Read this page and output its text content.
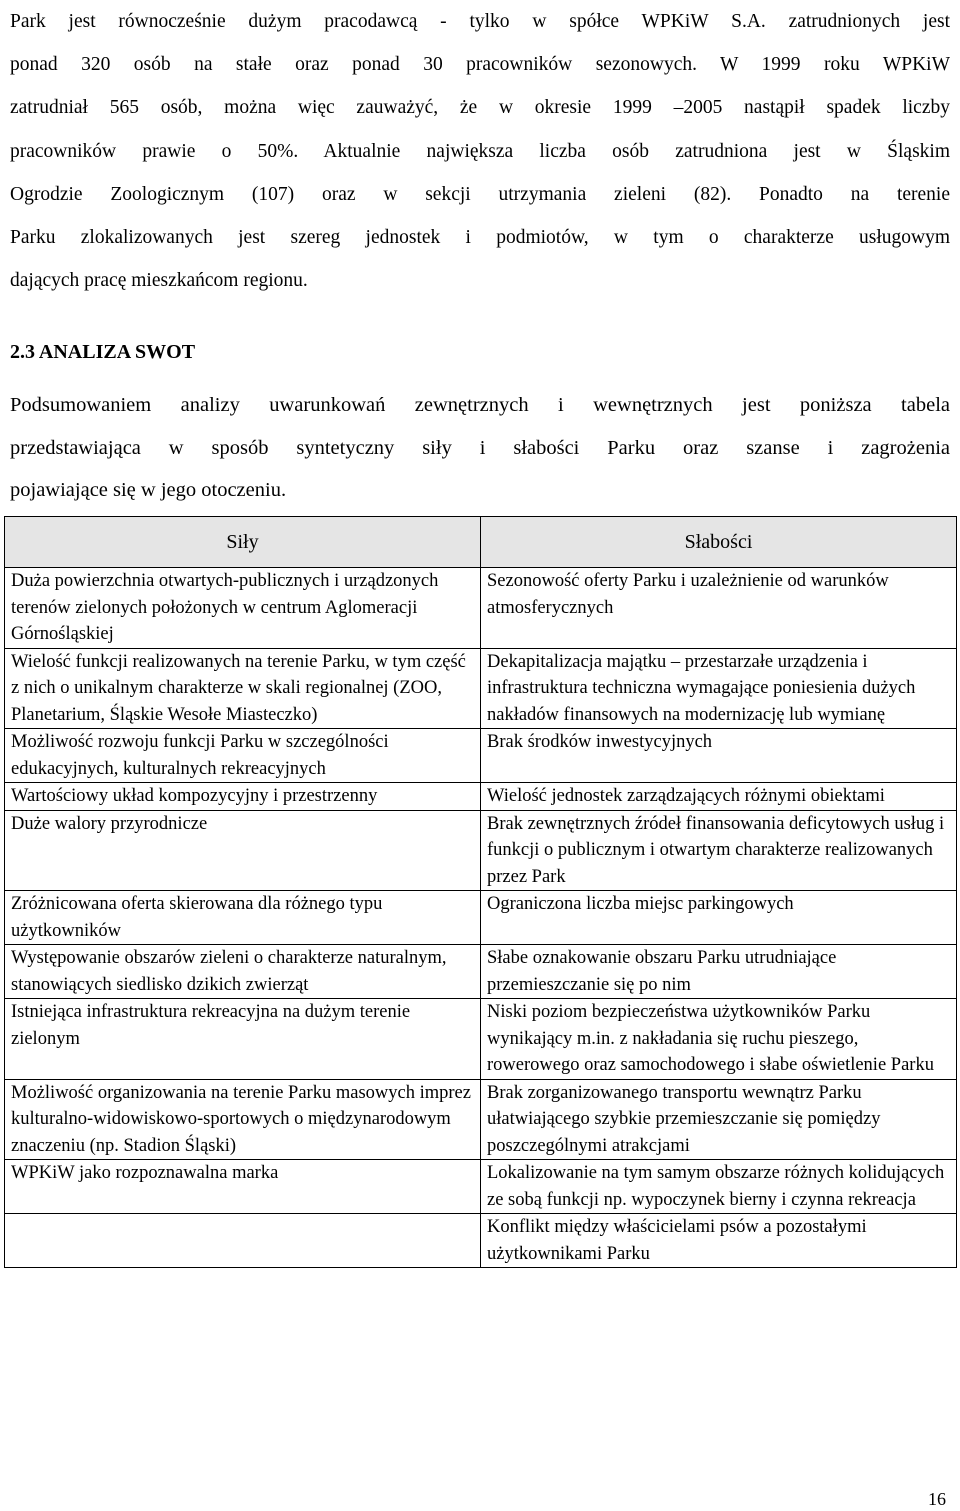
Park jest równocześnie dużym pracodawcą - tylko w spółce WPKiW S.A. zatrudnionych jest
ponad 320 osób na stałe oraz ponad 30 pracowników sezonowych. W 1999 roku WPKiW
zatrudniał 565 osób, można więc zauważyć, że w okresie 1999 –2005 nastąpił spadek liczby
pracowników prawie o 50%. Aktualnie największa liczba osób zatrudniona jest w Śląskim
Ogrodzie Zoologicznym (107) oraz w sekcji utrzymania zieleni (82). Ponadto na terenie
Parku zlokalizowanych jest szereg jednostek i podmiotów, w tym o charakterze usługowym
dających pracę mieszkańcom regionu.
2.3 ANALIZA SWOT
Podsumowaniem analizy uwarunkowań zewnętrznych i wewnętrznych jest poniższa tabela
przedstawiająca w sposób syntetyczny siły i słabości Parku oraz szanse i zagrożenia
pojawiające się w jego otoczeniu.
Siły	Słabości
Duża powierzchnia otwartych-publicznych i urządzonych terenów zielonych położonych w centrum Aglomeracji Górnośląskiej	Sezonowość oferty Parku i uzależnienie od warunków atmosferycznych
Wielość funkcji realizowanych na terenie Parku, w tym część z nich o unikalnym charakterze w skali regionalnej (ZOO, Planetarium, Śląskie Wesołe Miasteczko)	Dekapitalizacja majątku – przestarzałe urządzenia i infrastruktura techniczna wymagające poniesienia dużych nakładów finansowych na modernizację lub wymianę
Możliwość rozwoju funkcji Parku w szczególności edukacyjnych, kulturalnych rekreacyjnych	Brak środków inwestycyjnych
Wartościowy układ kompozycyjny i przestrzenny	Wielość jednostek zarządzających różnymi obiektami
Duże walory przyrodnicze	Brak zewnętrznych źródeł finansowania deficytowych usług i funkcji o publicznym i otwartym charakterze realizowanych przez Park
Zróżnicowana oferta skierowana dla różnego typu użytkowników	Ograniczona liczba miejsc parkingowych
Występowanie obszarów zieleni o charakterze naturalnym, stanowiących siedlisko dzikich zwierząt	Słabe oznakowanie obszaru Parku utrudniające przemieszczanie się po nim
Istniejąca infrastruktura rekreacyjna na dużym terenie zielonym	Niski poziom bezpieczeństwa użytkowników Parku wynikający m.in. z nakładania się ruchu pieszego, rowerowego oraz samochodowego i słabe oświetlenie Parku
Możliwość organizowania na terenie Parku masowych imprez kulturalno-widowiskowo-sportowych o międzynarodowym znaczeniu (np. Stadion Śląski)	Brak zorganizowanego transportu wewnątrz Parku ułatwiającego szybkie przemieszczanie się pomiędzy poszczególnymi atrakcjami
WPKiW jako rozpoznawalna marka	Lokalizowanie na tym samym obszarze różnych kolidujących ze sobą funkcji np. wypoczynek bierny i czynna rekreacja
	Konflikt między właścicielami psów a pozostałymi użytkownikami Parku
16
